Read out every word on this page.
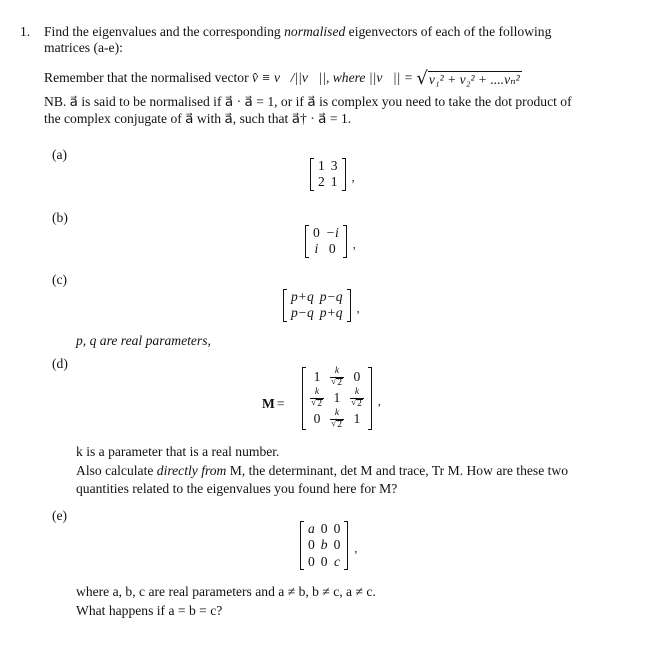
1. Find the eigenvalues and the corresponding normalised eigenvectors of each of the following
matrices (a-e):
Remember that the normalised vector v̂ ≡ v⃗/||v⃗||, where ||v⃗|| = √ v₁² + v₂² + ....vₙ²
NB. a⃗ is said to be normalised if a⃗ · a⃗ = 1, or if a⃗ is complex you need to take the dot product of
the complex conjugate of a⃗ with a⃗, such that a⃗† · a⃗ = 1.
(a)
1	3
2	1 ,
(b)
0	−i
i	0 ,
(c)
p+q	p−q
p−q	p+q ,
p, q are real parameters,
(d)
M =
1	$\frac{k}{√ 2}$	0

$\frac{k}{√ 2}$	1	$\frac{k}{√ 2}$

0	$\frac{k}{√ 2}$	1
,
k is a parameter that is a real number.
Also calculate directly from M, the determinant, det M and trace, Tr M. How are these two
quantities related to the eigenvalues you found here for M?
(e)
a	0	0
0	b	0
0	0	c
,
where a, b, c are real parameters and a ≠ b, b ≠ c, a ≠ c.
What happens if a = b = c?
